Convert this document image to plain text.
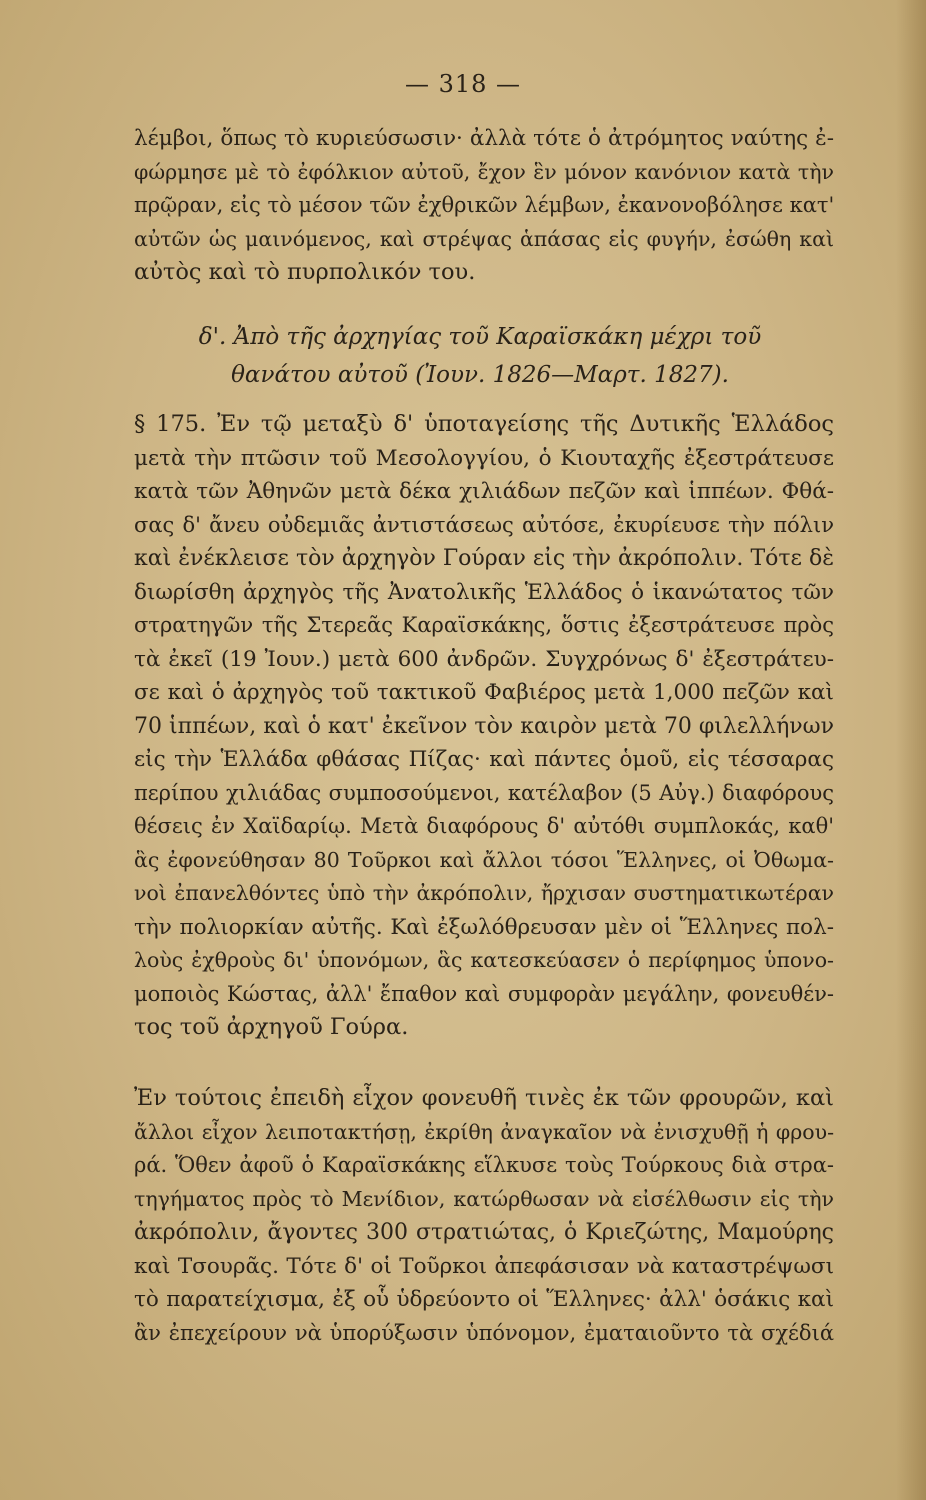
— 318 —
λέμβοι, ὅπως τὸ κυριεύσωσιν· ἀλλὰ τότε ὁ ἀτρόμητος ναύτης ἐ-
φώρμησε μὲ τὸ ἐφόλκιον αὐτοῦ, ἔχον ἓν μόνον κανόνιον κατὰ τὴν
πρῷραν, εἰς τὸ μέσον τῶν ἐχθρικῶν λέμβων, ἐκανονοβόλησε κατ'
αὐτῶν ὡς μαινόμενος, καὶ στρέψας ἁπάσας εἰς φυγήν, ἐσώθη καὶ
αὐτὸς καὶ τὸ πυρπολικόν του.
δ'. Ἀπὸ τῆς ἀρχηγίας τοῦ Καραϊσκάκη μέχρι τοῦ
θανάτου αὐτοῦ (Ἰουν. 1826—Μαρτ. 1827).
§ 175. Ἐν τῷ μεταξὺ δ' ὑποταγείσης τῆς Δυτικῆς Ἑλλάδος
μετὰ τὴν πτῶσιν τοῦ Μεσολογγίου, ὁ Κιουταχῆς ἐξεστράτευσε
κατὰ τῶν Ἀθηνῶν μετὰ δέκα χιλιάδων πεζῶν καὶ ἱππέων. Φθά-
σας δ' ἄνευ οὐδεμιᾶς ἀντιστάσεως αὐτόσε, ἐκυρίευσε τὴν πόλιν
καὶ ἐνέκλεισε τὸν ἀρχηγὸν Γούραν εἰς τὴν ἀκρόπολιν. Τότε δὲ
διωρίσθη ἀρχηγὸς τῆς Ἀνατολικῆς Ἑλλάδος ὁ ἱκανώτατος τῶν
στρατηγῶν τῆς Στερεᾶς Καραϊσκάκης, ὅστις ἐξεστράτευσε πρὸς
τὰ ἐκεῖ (19 Ἰουν.) μετὰ 600 ἀνδρῶν. Συγχρόνως δ' ἐξεστράτευ-
σε καὶ ὁ ἀρχηγὸς τοῦ τακτικοῦ Φαβιέρος μετὰ 1,000 πεζῶν καὶ
70 ἱππέων, καὶ ὁ κατ' ἐκεῖνον τὸν καιρὸν μετὰ 70 φιλελλήνων
εἰς τὴν Ἑλλάδα φθάσας Πίζας· καὶ πάντες ὁμοῦ, εἰς τέσσαρας
περίπου χιλιάδας συμποσούμενοι, κατέλαβον (5 Αὐγ.) διαφόρους
θέσεις ἐν Χαϊδαρίῳ. Μετὰ διαφόρους δ' αὐτόθι συμπλοκάς, καθ'
ἃς ἐφονεύθησαν 80 Τοῦρκοι καὶ ἄλλοι τόσοι Ἕλληνες, οἱ Ὀθωμα-
νοὶ ἐπανελθόντες ὑπὸ τὴν ἀκρόπολιν, ἤρχισαν συστηματικωτέραν
τὴν πολιορκίαν αὐτῆς. Καὶ ἐξωλόθρευσαν μὲν οἱ Ἕλληνες πολ-
λοὺς ἐχθροὺς δι' ὑπονόμων, ἃς κατεσκεύασεν ὁ περίφημος ὑπονο-
μοποιὸς Κώστας, ἀλλ' ἔπαθον καὶ συμφορὰν μεγάλην, φονευθέν-
τος τοῦ ἀρχηγοῦ Γούρα.
Ἐν τούτοις ἐπειδὴ εἶχον φονευθῆ τινὲς ἐκ τῶν φρουρῶν, καὶ
ἄλλοι εἶχον λειποτακτήσῃ, ἐκρίθη ἀναγκαῖον νὰ ἐνισχυθῇ ἡ φρου-
ρά. Ὅθεν ἀφοῦ ὁ Καραϊσκάκης εἵλκυσε τοὺς Τούρκους διὰ στρα-
τηγήματος πρὸς τὸ Μενίδιον, κατώρθωσαν νὰ εἰσέλθωσιν εἰς τὴν
ἀκρόπολιν, ἄγοντες 300 στρατιώτας, ὁ Κριεζώτης, Μαμούρης
καὶ Τσουρᾶς. Τότε δ' οἱ Τοῦρκοι ἀπεφάσισαν νὰ καταστρέψωσι
τὸ παρατείχισμα, ἐξ οὗ ὑδρεύοντο οἱ Ἕλληνες· ἀλλ' ὁσάκις καὶ
ἂν ἐπεχείρουν νὰ ὑπορύξωσιν ὑπόνομον, ἐματαιοῦντο τὰ σχέδιά
